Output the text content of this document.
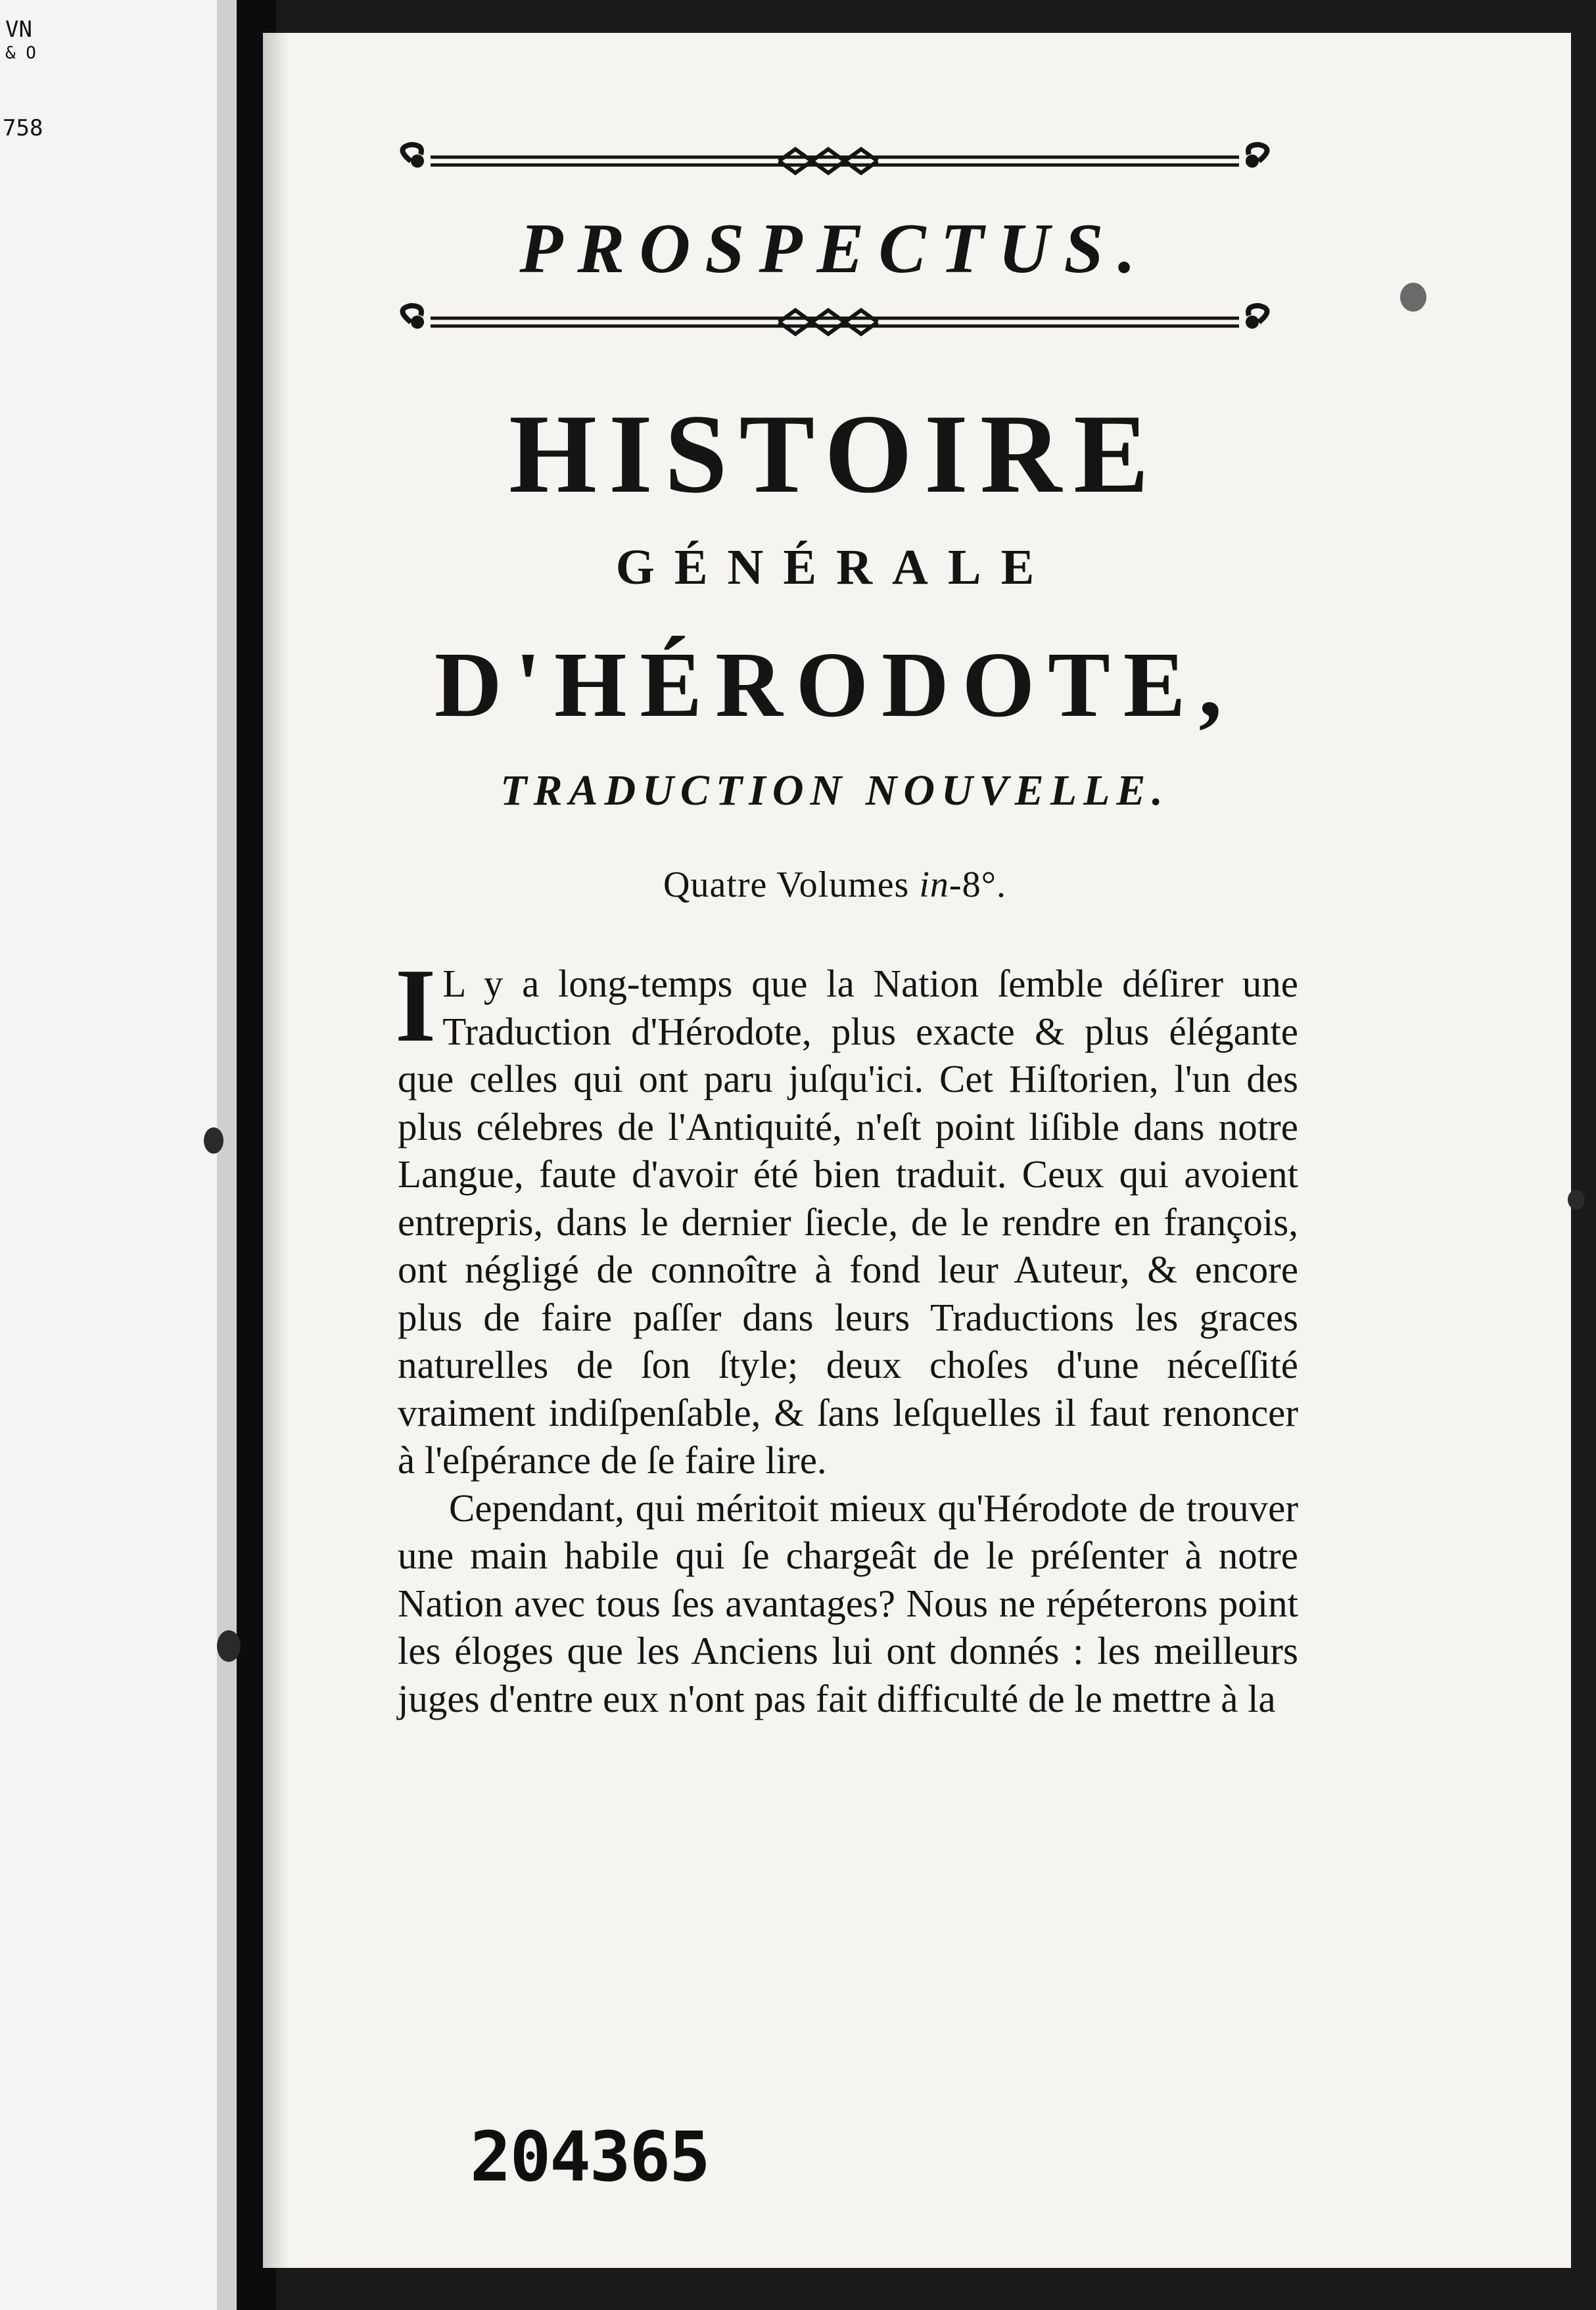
VN
& O
758
PROSPECTUS.
HISTOIRE
GÉNÉRALE
D'HÉRODOTE,
TRADUCTION NOUVELLE.
Quatre Volumes in-8°.

I L y a long-temps que la Nation ſemble déſirer une Traduction d'Hérodote, plus exacte & plus élégante que celles qui ont paru juſqu'ici. Cet Hiſtorien, l'un des plus célebres de l'Antiquité, n'eſt point liſible dans notre Langue, faute d'avoir été bien traduit. Ceux qui avoient entrepris, dans le dernier ſiecle, de le rendre en françois, ont négligé de connoître à fond leur Auteur, & encore plus de faire paſſer dans leurs Traductions les graces naturelles de ſon ſtyle; deux choſes d'une néceſſité vraiment indiſpenſable, & ſans leſquelles il faut renoncer à l'eſpérance de ſe faire lire.

Cependant, qui méritoit mieux qu'Hérodote de trouver une main habile qui ſe chargeât de le préſenter à notre Nation avec tous ſes avantages? Nous ne répéterons point les éloges que les Anciens lui ont donnés : les meilleurs juges d'entre eux n'ont pas fait difficulté de le mettre à la

204365
